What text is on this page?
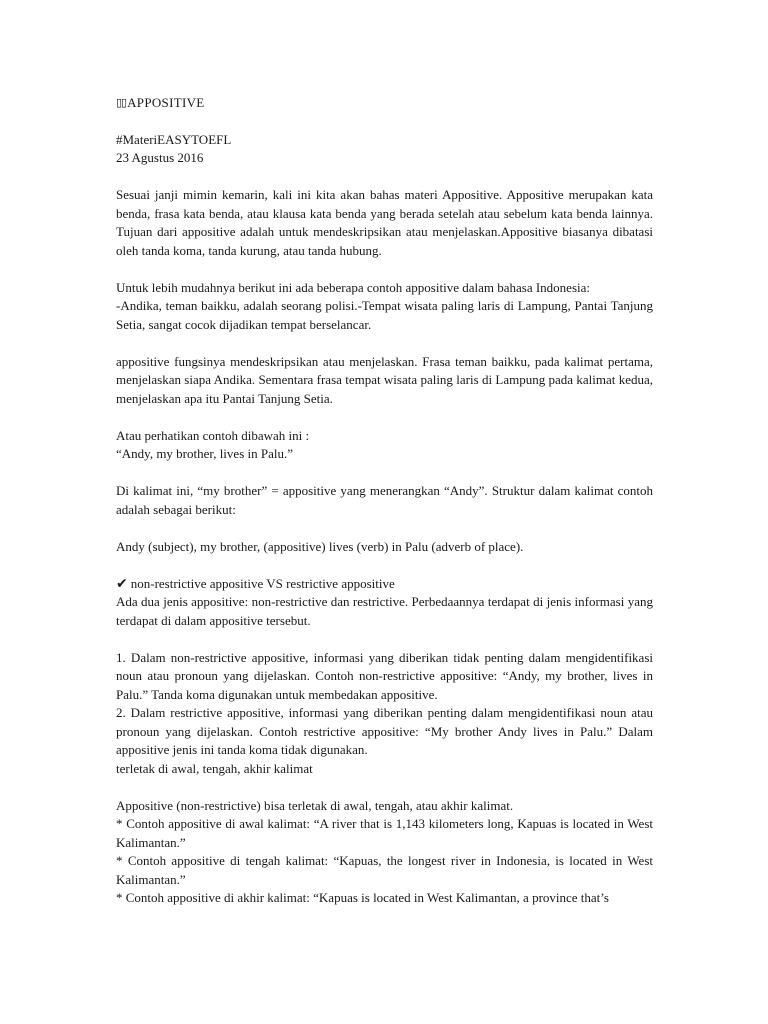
▯▯ APPOSITIVE

#MateriEASYTOEFL

23 Agustus 2016

Sesuai janji mimin kemarin, kali ini kita akan bahas materi Appositive. Appositive merupakan kata benda, frasa kata benda, atau klausa kata benda yang berada setelah atau sebelum kata benda lainnya. Tujuan dari appositive adalah untuk mendeskripsikan atau menjelaskan.Appositive biasanya dibatasi oleh tanda koma, tanda kurung, atau tanda hubung.

Untuk lebih mudahnya berikut ini ada beberapa contoh appositive dalam bahasa Indonesia:

-Andika, teman baikku, adalah seorang polisi.-Tempat wisata paling laris di Lampung, Pantai Tanjung Setia, sangat cocok dijadikan tempat berselancar.

appositive fungsinya mendeskripsikan atau menjelaskan. Frasa teman baikku, pada kalimat pertama, menjelaskan siapa Andika. Sementara frasa tempat wisata paling laris di Lampung pada kalimat kedua, menjelaskan apa itu Pantai Tanjung Setia.

Atau perhatikan contoh dibawah ini :

“Andy, my brother, lives in Palu.”

Di kalimat ini, “my brother” = appositive yang menerangkan “Andy”. Struktur dalam kalimat contoh adalah sebagai berikut:

Andy (subject), my brother, (appositive) lives (verb) in Palu (adverb of place).

✔ non-restrictive appositive VS restrictive appositive

Ada dua jenis appositive: non-restrictive dan restrictive. Perbedaannya terdapat di jenis informasi yang terdapat di dalam appositive tersebut.

1. Dalam non-restrictive appositive, informasi yang diberikan tidak penting dalam mengidentifikasi noun atau pronoun yang dijelaskan. Contoh non-restrictive appositive: “Andy, my brother, lives in Palu.” Tanda koma digunakan untuk membedakan appositive.

2. Dalam restrictive appositive, informasi yang diberikan penting dalam mengidentifikasi noun atau pronoun yang dijelaskan. Contoh restrictive appositive: “My brother Andy lives in Palu.” Dalam appositive jenis ini tanda koma tidak digunakan.

terletak di awal, tengah, akhir kalimat

Appositive (non-restrictive) bisa terletak di awal, tengah, atau akhir kalimat.

* Contoh appositive di awal kalimat: “A river that is 1,143 kilometers long, Kapuas is located in West Kalimantan.”

* Contoh appositive di tengah kalimat: “Kapuas, the longest river in Indonesia, is located in West Kalimantan.”

* Contoh appositive di akhir kalimat: “Kapuas is located in West Kalimantan, a province that’s
